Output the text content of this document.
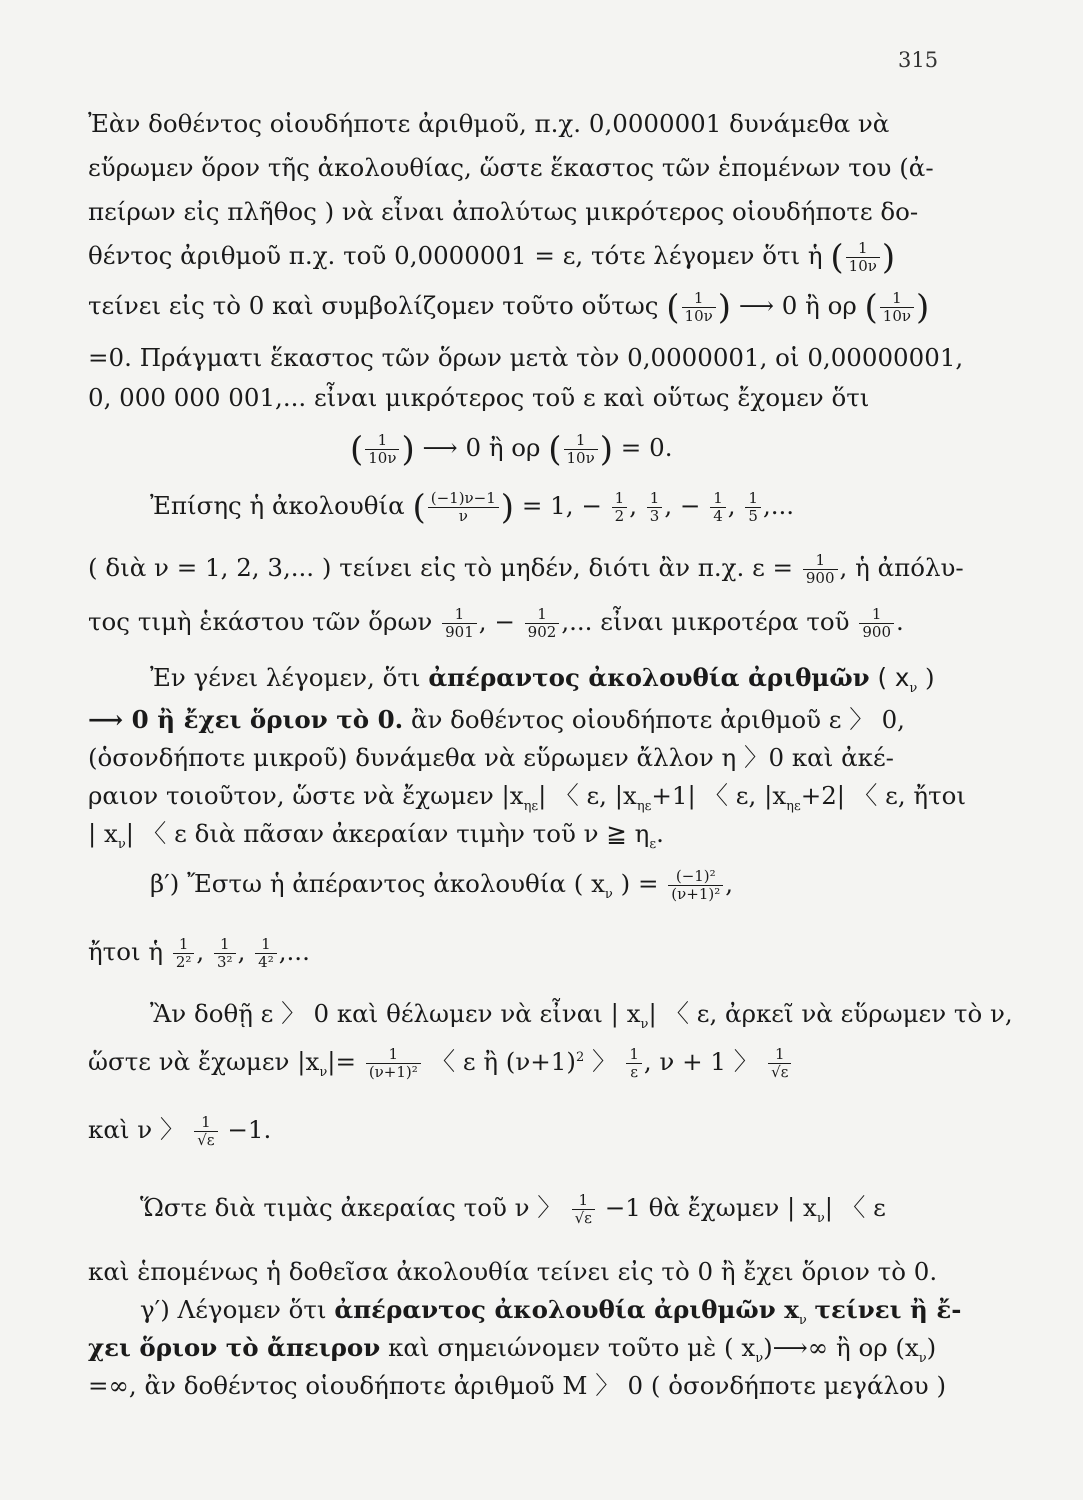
315
Ἐὰν δοθέντος οἱουδήποτε ἀριθμοῦ, π.χ. 0,0000001 δυνάμεθα νὰ
εὕρωμεν ὅρον τῆς ἀκολουθίας, ὥστε ἕκαστος τῶν ἑπομένων του (ἀ-
πείρων εἰς πλῆθος ) νὰ εἶναι ἀπολύτως μικρότερος οἱουδήποτε δο-
θέντος ἀριθμοῦ π.χ. τοῦ 0,0000001 = ε, τότε λέγομεν ὅτι ἡ ( $\frac{1}{10\nu}$ )
τείνει εἰς τὸ 0 καὶ συμβολίζομεν τοῦτο οὕτως ( $\frac{1}{10\nu}$ ) ⟶ 0 ἢ ορ ( $\frac{1}{10\nu}$ )
=0. Πράγματι ἕκαστος τῶν ὅρων μετὰ τὸν 0,0000001, οἱ 0,00000001,
0, 000 000 001,... εἶναι μικρότερος τοῦ ε καὶ οὕτως ἔχομεν ὅτι
( $\frac{1}{10\nu}$ ) ⟶ 0 ἢ ορ ( $\frac{1}{10\nu}$ ) = 0.
Ἐπίσης ἡ ἀκολουθία ( $\frac{(-1)\nu-1}{\nu}$ ) = 1, − $\frac{1}{2}$ , $\frac{1}{3}$ , − $\frac{1}{4}$ , $\frac{1}{5}$ ,...
( διὰ ν = 1, 2, 3,... ) τείνει εἰς τὸ μηδέν, διότι ἂν π.χ. $\varepsilon = \frac{1}{900}$ , ἡ ἀπόλυ-
τος τιμὴ ἑκάστου τῶν ὅρων $\frac{1}{901}$ , − $\frac{1}{902}$ ,... εἶναι μικροτέρα τοῦ $\frac{1}{900}$ .
Ἐν γένει λέγομεν, ὅτι ἀπέραντος ἀκολουθία ἀριθμῶν ( $x_\nu$ )
⟶ 0 ἢ ἔχει ὅριον τὸ 0. ἂν δοθέντος οἱουδήποτε ἀριθμοῦ ε 〉 0,
(ὁσονδήποτε μικροῦ) δυνάμεθα νὰ εὕρωμεν ἄλλον η 〉0 καὶ ἀκέ-
ραιον τοιοῦτον, ὥστε νὰ ἔχωμεν $|x_{\eta\varepsilon}|$ 〈 ε, $|x_{\eta\varepsilon}+1|$ 〈 ε, $|x_{\eta\varepsilon}+2|$ 〈 ε, ἤτοι
| $x_\nu|$ 〈 ε διὰ πᾶσαν ἀκεραίαν τιμὴν τοῦ ν ≧ $\eta_\varepsilon$.
β′) Ἔστω ἡ ἀπέραντος ἀκολουθία ( $x_\nu$ ) = $\frac{\text{(−1)²}}{\text{(ν+1)²}}$ ,
ἤτοι ἡ $\frac{1}{\text{2²}}$ , $\frac{1}{\text{3²}}$ , $\frac{1}{\text{4²}}$ ,...
Ἂν δοθῇ ε 〉 0 καὶ θέλωμεν νὰ εἶναι | $x_\nu|$ 〈 ε, ἀρκεῖ νὰ εὕρωμεν τὸ ν,
ὥστε νὰ ἔχωμεν $|x_\nu|= \frac{1}{\text{(ν+1)²}}$ 〈 ε ἢ $(\nu+1)^2$ 〉 $\frac{1}{\varepsilon}$ , ν + 1 〉 $\frac{1}{√\varepsilon}$
καὶ ν 〉 $\frac{1}{√\varepsilon} -1$.
Ὥστε διὰ τιμὰς ἀκεραίας τοῦ ν 〉 $\frac{1}{√\varepsilon} -1$ θὰ ἔχωμεν | $x_\nu|$ 〈 ε
καὶ ἑπομένως ἡ δοθεῖσα ἀκολουθία τείνει εἰς τὸ 0 ἢ ἔχει ὅριον τὸ 0.
γ′) Λέγομεν ὅτι ἀπέραντος ἀκολουθία ἀριθμῶν $x_\nu$ τείνει ἢ ἔ-
χει ὅριον τὸ ἄπειρον καὶ σημειώνομεν τοῦτο μὲ ( $x_\nu)⟶\infty$ ἢ ορ $(x_\nu)$
=∞, ἂν δοθέντος οἱουδήποτε ἀριθμοῦ Μ 〉 0 ( ὁσονδήποτε μεγάλου )
